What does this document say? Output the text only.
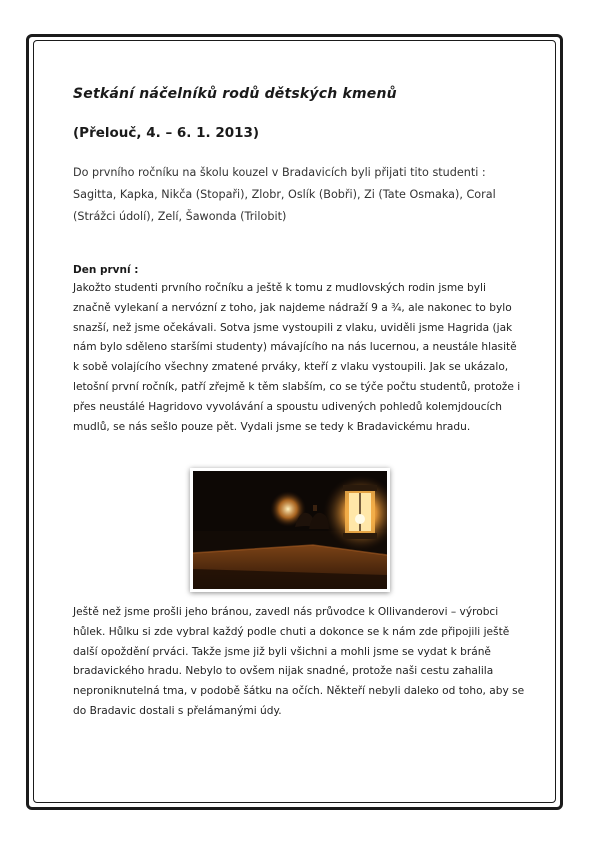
Setkání náčelníků rodů dětských kmenů
(Přelouč, 4. – 6. 1. 2013)
Do prvního ročníku na školu kouzel v Bradavicích byli přijati tito studenti : Sagitta, Kapka, Nikča (Stopaři), Zlobr, Oslík (Bobři), Zi (Tate Osmaka), Coral (Strážci údolí), Zelí, Šawonda (Trilobit)
Den první :
Jakožto studenti prvního ročníku a ještě k tomu z mudlovských rodin jsme byli značně vylekaní a nervózní z toho, jak najdeme nádraží 9 a ¾, ale nakonec to bylo snazší, než jsme očekávali. Sotva jsme vystoupili z vlaku, uviděli jsme Hagrida (jak nám bylo sděleno staršími studenty) mávajícího na nás lucernou, a neustále hlasitě k sobě volajícího všechny zmatené prváky, kteří z vlaku vystoupili. Jak se ukázalo, letošní první ročník, patří zřejmě k těm slabším, co se týče počtu studentů, protože i přes neustálé Hagridovo vyvolávání a spoustu udivených pohledů kolemjdoucích mudlů, se nás sešlo pouze pět. Vydali jsme se tedy k Bradavickému hradu.
Ještě než jsme prošli jeho bránou, zavedl nás průvodce k Ollivanderovi – výrobci hůlek. Hůlku si zde vybral každý podle chuti a dokonce se k nám zde připojili ještě další opoždění prváci. Takže jsme již byli všichni a mohli jsme se vydat k bráně bradavického hradu. Nebylo to ovšem nijak snadné, protože naši cestu zahalila neproniknutelná tma, v podobě šátku na očích. Někteří nebyli daleko od toho, aby se do Bradavic dostali s přelámanými údy.
